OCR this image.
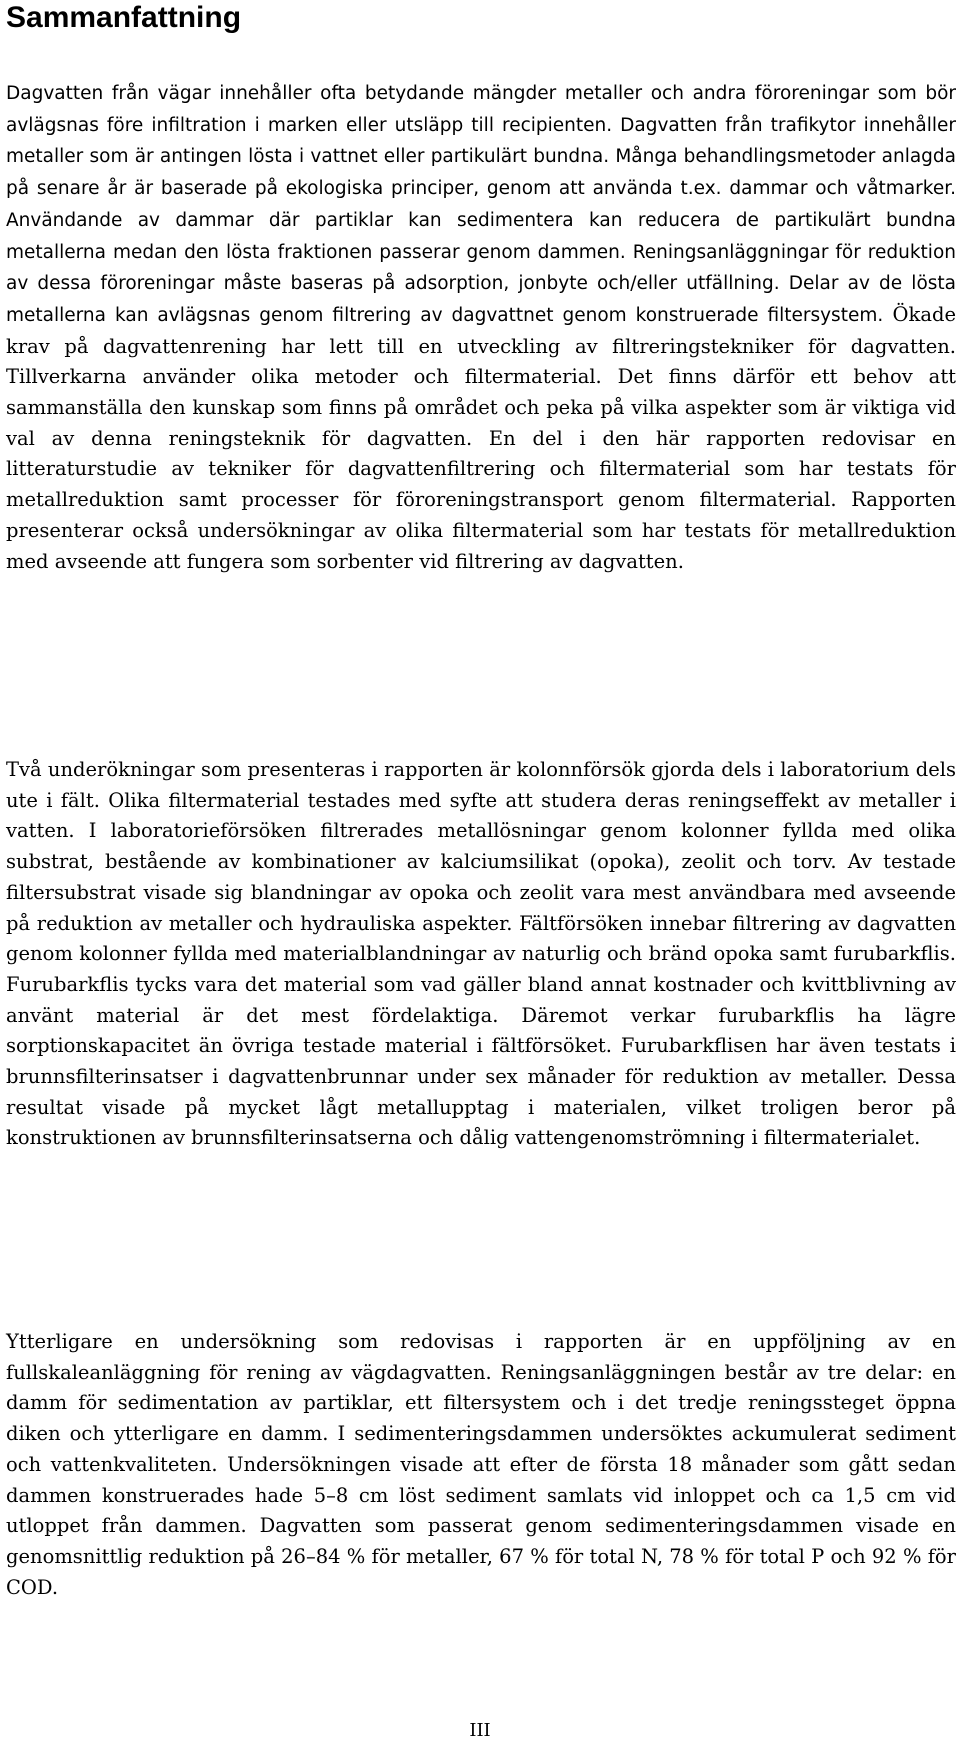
Sammanfattning

Dagvatten från vägar innehåller ofta betydande mängder metaller och andra föroreningar som bör avlägsnas före infiltration i marken eller utsläpp till recipienten. Dagvatten från trafikytor innehåller metaller som är antingen lösta i vattnet eller partikulärt bundna. Många behandlingsmetoder anlagda på senare år är baserade på ekologiska principer, genom att använda t.ex. dammar och våtmarker. Användande av dammar där partiklar kan sedimentera kan reducera de partikulärt bundna metallerna medan den lösta fraktionen passerar genom dammen. Reningsanläggningar för reduktion av dessa föroreningar måste baseras på adsorption, jonbyte och/eller utfällning. Delar av de lösta metallerna kan avlägsnas genom filtrering av dagvattnet genom konstruerade filtersystem. Ökade krav på dagvattenrening har lett till en utveckling av filtreringstekniker för dagvatten. Tillverkarna använder olika metoder och filtermaterial. Det finns därför ett behov att sammanställa den kunskap som finns på området och peka på vilka aspekter som är viktiga vid val av denna reningsteknik för dagvatten. En del i den här rapporten redovisar en litteraturstudie av tekniker för dagvattenfiltrering och filtermaterial som har testats för metallreduktion samt processer för föroreningstransport genom filtermaterial. Rapporten presenterar också undersökningar av olika filtermaterial som har testats för metallreduktion med avseende att fungera som sorbenter vid filtrering av dagvatten.

Två underökningar som presenteras i rapporten är kolonnförsök gjorda dels i laboratorium dels ute i fält. Olika filtermaterial testades med syfte att studera deras reningseffekt av metaller i vatten. I laboratorieförsöken filtrerades metallösningar genom kolonner fyllda med olika substrat, bestående av kombinationer av kalciumsilikat (opoka), zeolit och torv. Av testade filtersubstrat visade sig blandningar av opoka och zeolit vara mest användbara med avseende på reduktion av metaller och hydrauliska aspekter. Fältförsöken innebar filtrering av dagvatten genom kolonner fyllda med materialblandningar av naturlig och bränd opoka samt furubarkflis. Furubarkflis tycks vara det material som vad gäller bland annat kostnader och kvittblivning av använt material är det mest fördelaktiga. Däremot verkar furubarkflis ha lägre sorptionskapacitet än övriga testade material i fältförsöket. Furubarkflisen har även testats i brunnsfilterinsatser i dagvattenbrunnar under sex månader för reduktion av metaller. Dessa resultat visade på mycket lågt metallupptag i materialen, vilket troligen beror på konstruktionen av brunnsfilterinsatserna och dålig vattengenomströmning i filtermaterialet.

Ytterligare en undersökning som redovisas i rapporten är en uppföljning av en fullskaleanläggning för rening av vägdagvatten. Reningsanläggningen består av tre delar: en damm för sedimentation av partiklar, ett filtersystem och i det tredje reningssteget öppna diken och ytterligare en damm. I sedimenteringsdammen undersöktes ackumulerat sediment och vattenkvaliteten. Undersökningen visade att efter de första 18 månader som gått sedan dammen konstruerades hade 5–8 cm löst sediment samlats vid inloppet och ca 1,5 cm vid utloppet från dammen. Dagvatten som passerat genom sedimenteringsdammen visade en genomsnittlig reduktion på 26–84 % för metaller, 67 % för total N, 78 % för total P och 92 % för COD.

III
